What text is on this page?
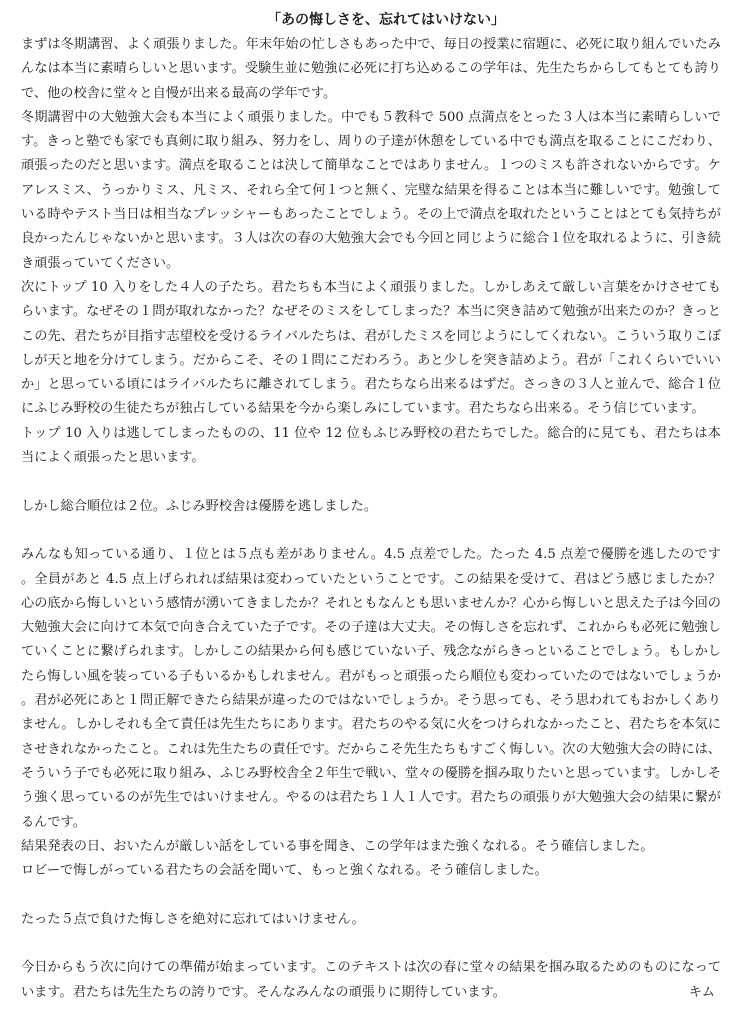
「あの悔しさを、忘れてはいけない」

まずは冬期講習、よく頑張りました。年末年始の忙しさもあった中で、毎日の授業に宿題に、必死に取り組んでいたみんなは本当に素晴らしいと思います。受験生並に勉強に必死に打ち込めるこの学年は、先生たちからしてもとても誇りで、他の校舎に堂々と自慢が出来る最高の学年です。

冬期講習中の大勉強大会も本当によく頑張りました。中でも５教科で 500 点満点をとった３人は本当に素晴らしいです。きっと塾でも家でも真剣に取り組み、努力をし、周りの子達が休憩をしている中でも満点を取ることにこだわり、頑張ったのだと思います。満点を取ることは決して簡単なことではありません。１つのミスも許されないからです。ケアレスミス、うっかりミス、凡ミス、それら全て何１つと無く、完璧な結果を得ることは本当に難しいです。勉強している時やテスト当日は相当なプレッシャーもあったことでしょう。その上で満点を取れたということはとても気持ちが良かったんじゃないかと思います。３人は次の春の大勉強大会でも今回と同じように総合１位を取れるように、引き続き頑張っていてください。

次にトップ 10 入りをした４人の子たち。君たちも本当によく頑張りました。しかしあえて厳しい言葉をかけさせてもらいます。なぜその１問が取れなかった？なぜそのミスをしてしまった？本当に突き詰めて勉強が出来たのか？きっとこの先、君たちが目指す志望校を受けるライバルたちは、君がしたミスを同じようにしてくれない。こういう取りこぼしが天と地を分けてしまう。だからこそ、その１問にこだわろう。あと少しを突き詰めよう。君が「これくらいでいいか」と思っている頃にはライバルたちに離されてしまう。君たちなら出来るはずだ。さっきの３人と並んで、総合１位にふじみ野校の生徒たちが独占している結果を今から楽しみにしています。君たちなら出来る。そう信じています。

トップ 10 入りは逃してしまったものの、11 位や 12 位もふじみ野校の君たちでした。総合的に見ても、君たちは本当によく頑張ったと思います。

しかし総合順位は２位。ふじみ野校舎は優勝を逃しました。

みんなも知っている通り、１位とは５点も差がありません。4.5 点差でした。たった 4.5 点差で優勝を逃したのです。全員があと 4.5 点上げられれば結果は変わっていたということです。この結果を受けて、君はどう感じましたか？心の底から悔しいという感情が湧いてきましたか？それともなんとも思いませんか？心から悔しいと思えた子は今回の大勉強大会に向けて本気で向き合えていた子です。その子達は大丈夫。その悔しさを忘れず、これからも必死に勉強していくことに繋げられます。しかしこの結果から何も感じていない子、残念ながらきっといることでしょう。もしかしたら悔しい風を装っている子もいるかもしれません。君がもっと頑張ったら順位も変わっていたのではないでしょうか。君が必死にあと１問正解できたら結果が違ったのではないでしょうか。そう思っても、そう思われてもおかしくありません。しかしそれも全て責任は先生たちにあります。君たちのやる気に火をつけられなかったこと、君たちを本気にさせきれなかったこと。これは先生たちの責任です。だからこそ先生たちもすごく悔しい。次の大勉強大会の時には、そういう子でも必死に取り組み、ふじみ野校舎全２年生で戦い、堂々の優勝を掴み取りたいと思っています。しかしそう強く思っているのが先生ではいけません。やるのは君たち１人１人です。君たちの頑張りが大勉強大会の結果に繋がるんです。

結果発表の日、おいたんが厳しい話をしている事を聞き、この学年はまた強くなれる。そう確信しました。

ロビーで悔しがっている君たちの会話を聞いて、もっと強くなれる。そう確信しました。

たった５点で負けた悔しさを絶対に忘れてはいけません。

今日からもう次に向けての準備が始まっています。このテキストは次の春に堂々の結果を掴み取るためのものになっています。君たちは先生たちの誇りです。そんなみんなの頑張りに期待しています。	キム
